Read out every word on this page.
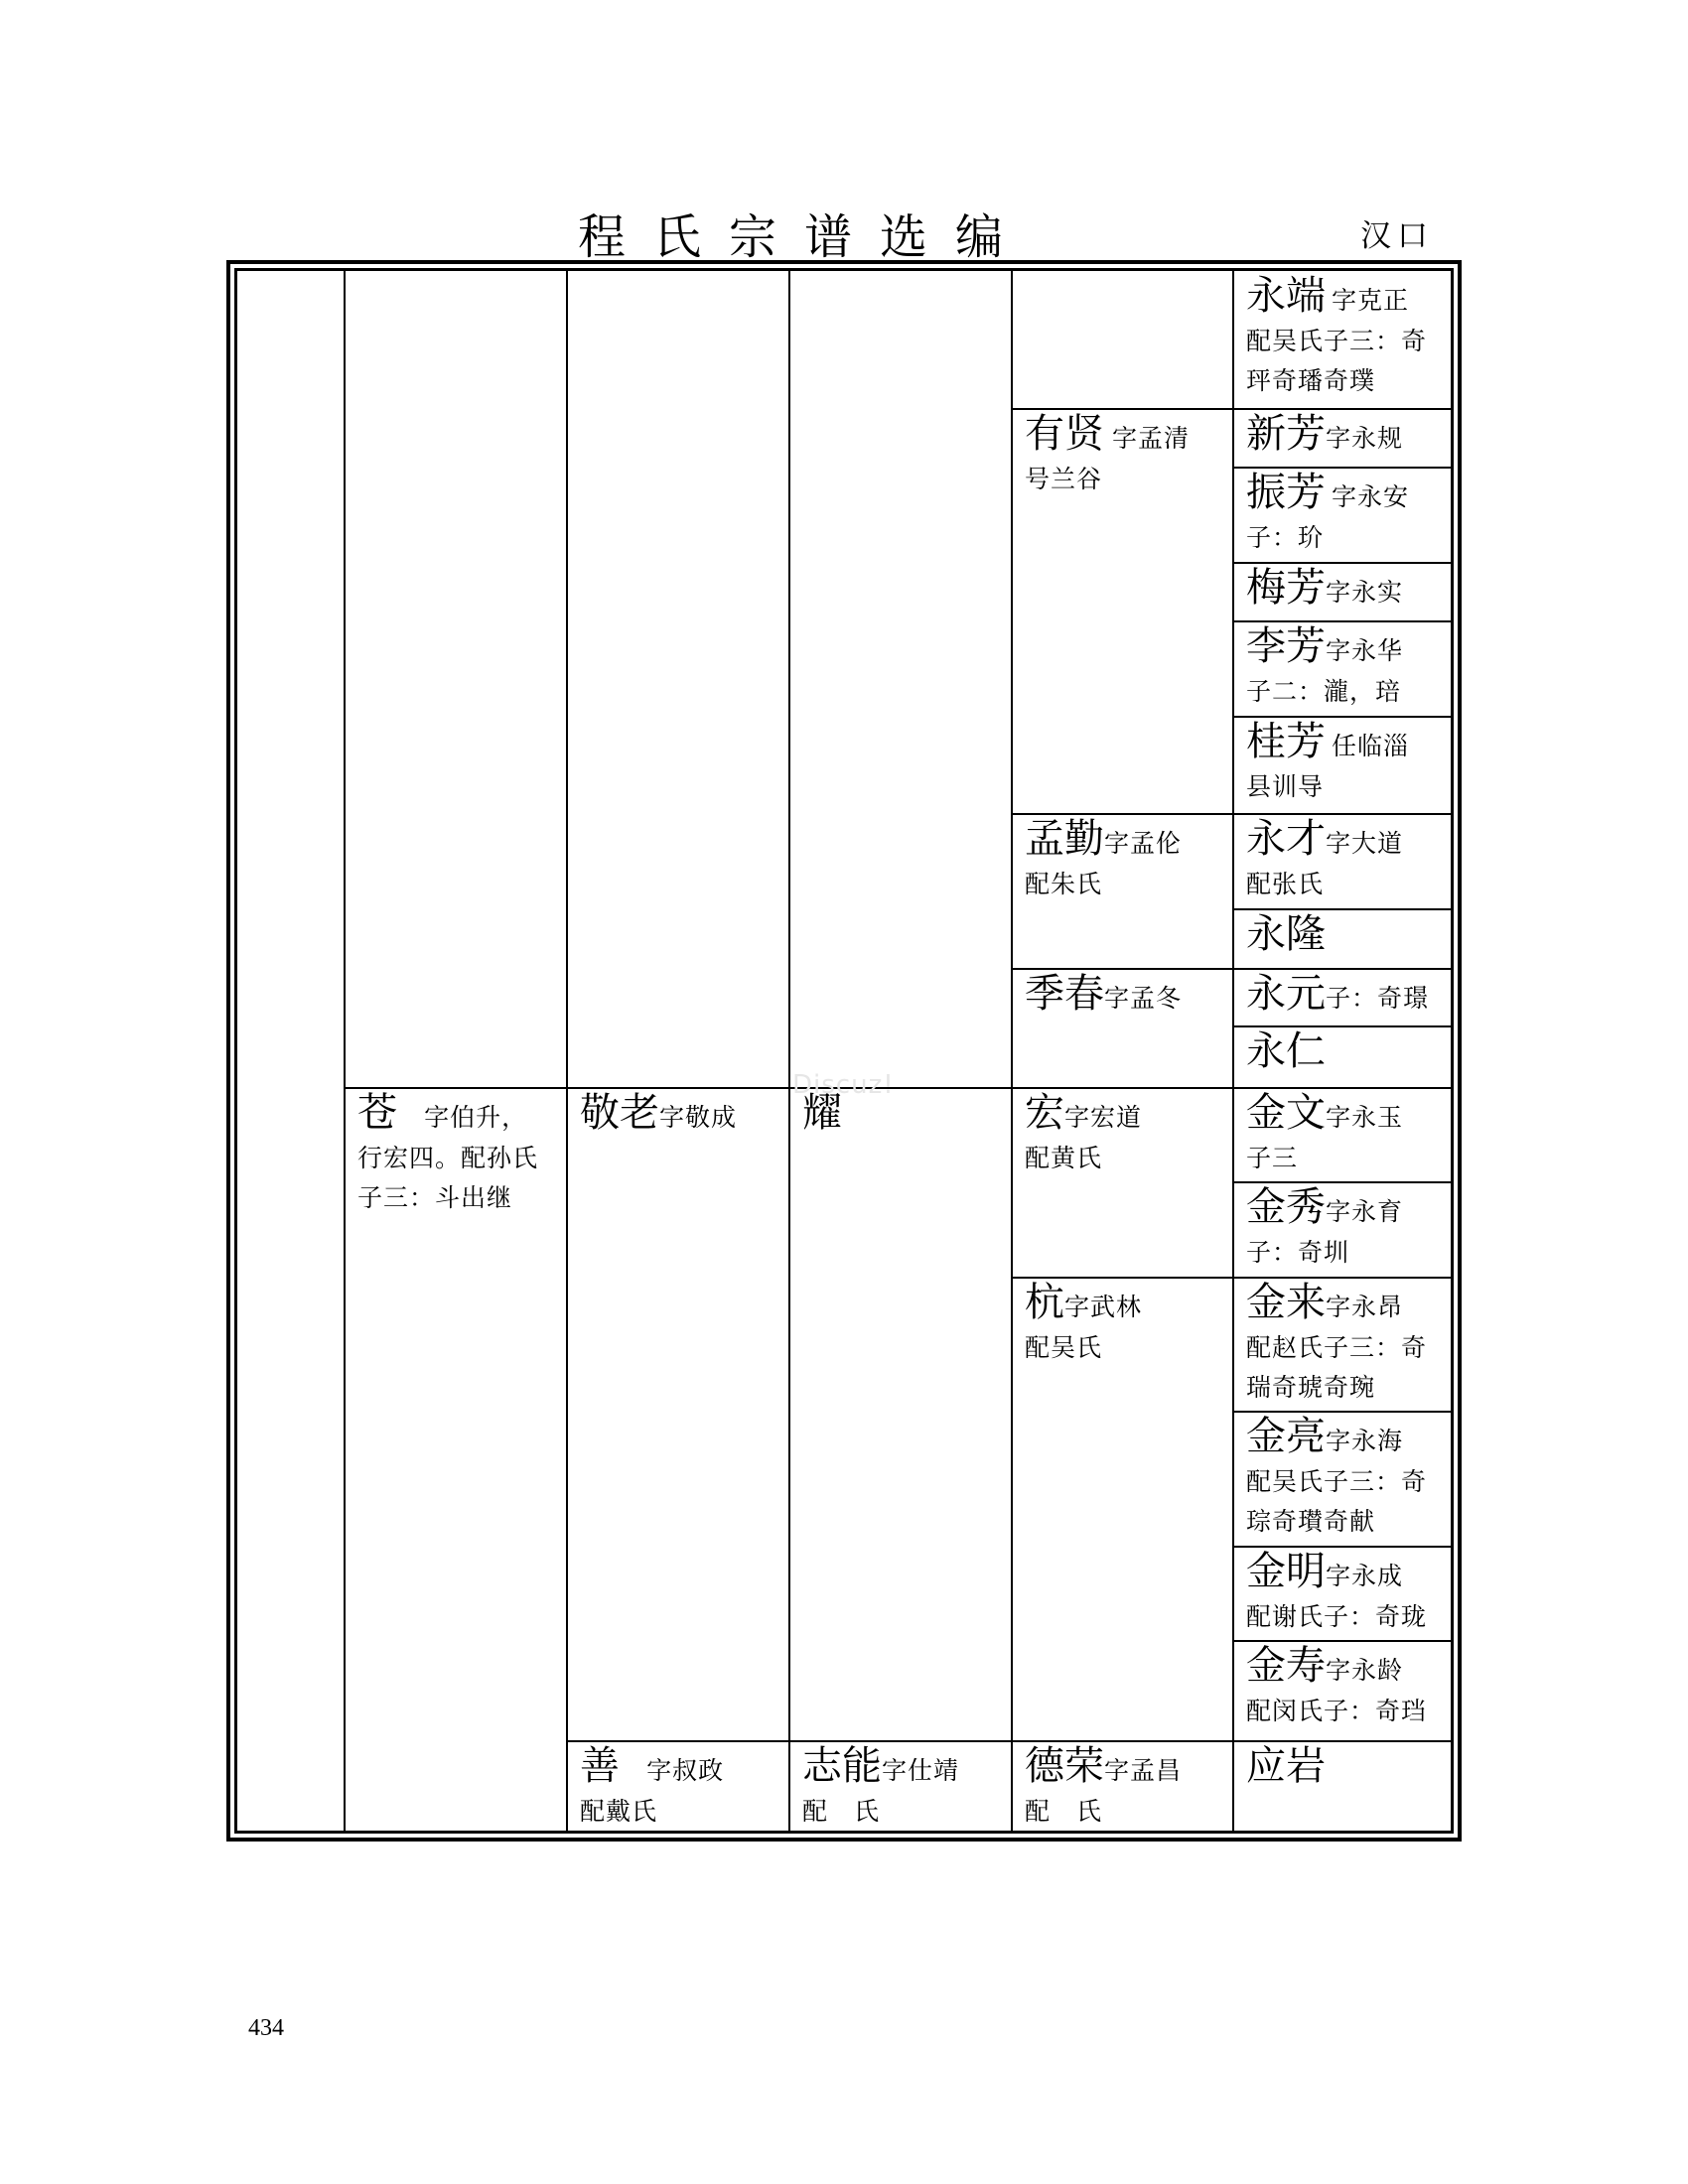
程氏宗谱选编	汉口
苍 字伯升，
行宏四。配孙氏
子三：斗出继
敬老字敬成
善 字叔政
配戴氏
耀
志能字仕靖
配　氏
有贤 字孟清
号兰谷
孟勤字孟伦
配朱氏
季春字孟冬
宏字宏道
配黄氏
杭字武林
配吴氏
德荣字孟昌
配　氏
永端 字克正
配吴氏子三：奇
玶奇璠奇璞
新芳字永规
振芳 字永安
子：玠
梅芳字永实
李芳字永华
子二：瀧，琣
桂芳 任临淄
县训导
永才字大道
配张氏
永隆
永元子：奇璟
永仁
金文字永玉
子三
金秀字永育
子：奇圳
金来字永昂
配赵氏子三：奇
瑞奇琥奇琬
金亮字永海
配吴氏子三：奇
琮奇瓉奇献
金明字永成
配谢氏子：奇珑
金寿字永龄
配闵氏子：奇珰
应岩
Discuz!
434
